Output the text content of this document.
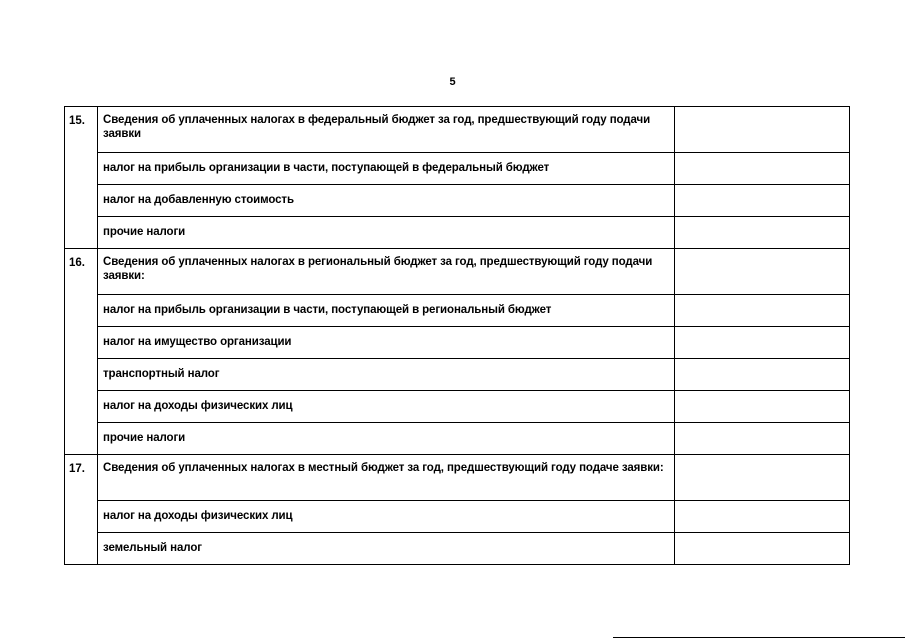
5
15.	Сведения об уплаченных налогах в федеральный бюджет за год, предшествующий году подачи заявки	
	налог на прибыль организации в части, поступающей в федеральный бюджет	
	налог на добавленную стоимость	
	прочие налоги	
16.	Сведения об уплаченных налогах в региональный бюджет за год, предшествующий году подачи заявки:	
	налог на прибыль организации в части, поступающей в региональный бюджет	
	налог на имущество организации	
	транспортный налог	
	налог на доходы физических лиц	
	прочие налоги	
17.	Сведения об уплаченных налогах в местный бюджет за год, предшествующий году подаче заявки:	
	налог на доходы физических лиц	
	земельный налог	
